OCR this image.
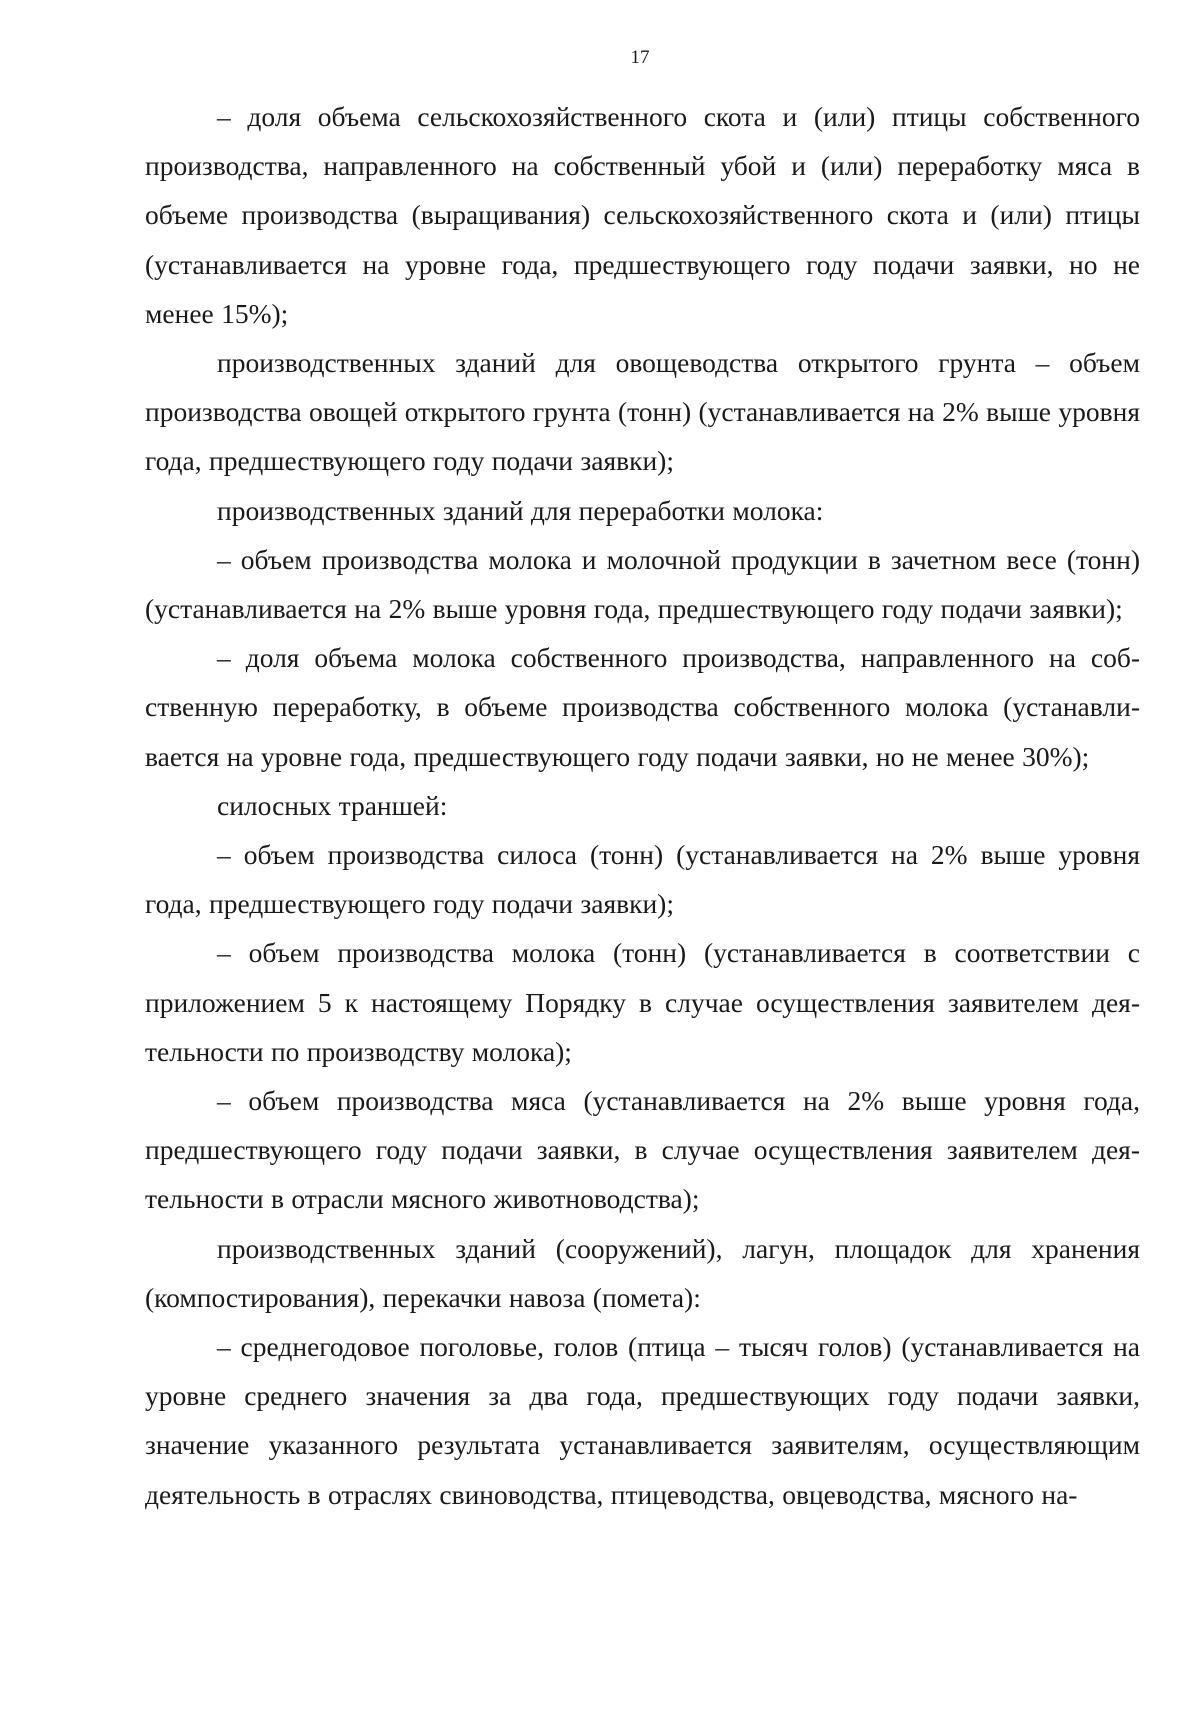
17

– доля объема сельскохозяйственного скота и (или) птицы собственного производства, направленного на собственный убой и (или) переработку мяса в объеме производства (выращивания) сельскохозяйственного скота и (или) птицы (устанавливается на уровне года, предшествующего году подачи заявки, но не менее 15%);

производственных зданий для овощеводства открытого грунта – объем производства овощей открытого грунта (тонн) (устанавливается на 2% выше уровня года, предшествующего году подачи заявки);

производственных зданий для переработки молока:

– объем производства молока и молочной продукции в зачетном весе (тонн) (устанавливается на 2% выше уровня года, предшествующего году подачи заявки);

– доля объема молока собственного производства, направленного на собственную переработку, в объеме производства собственного молока (устанавливается на уровне года, предшествующего году подачи заявки, но не менее 30%);

силосных траншей:

– объем производства силоса (тонн) (устанавливается на 2% выше уровня года, предшествующего году подачи заявки);

– объем производства молока (тонн) (устанавливается в соответствии с приложением 5 к настоящему Порядку в случае осуществления заявителем деятельности по производству молока);

– объем производства мяса (устанавливается на 2% выше уровня года, предшествующего году подачи заявки, в случае осуществления заявителем деятельности в отрасли мясного животноводства);

производственных зданий (сооружений), лагун, площадок для хранения (компостирования), перекачки навоза (помета):

– среднегодовое поголовье, голов (птица – тысяч голов) (устанавливается на уровне среднего значения за два года, предшествующих году подачи заявки, значение указанного результата устанавливается заявителям, осуществляющим деятельность в отраслях свиноводства, птицеводства, овцеводства, мясного на-
